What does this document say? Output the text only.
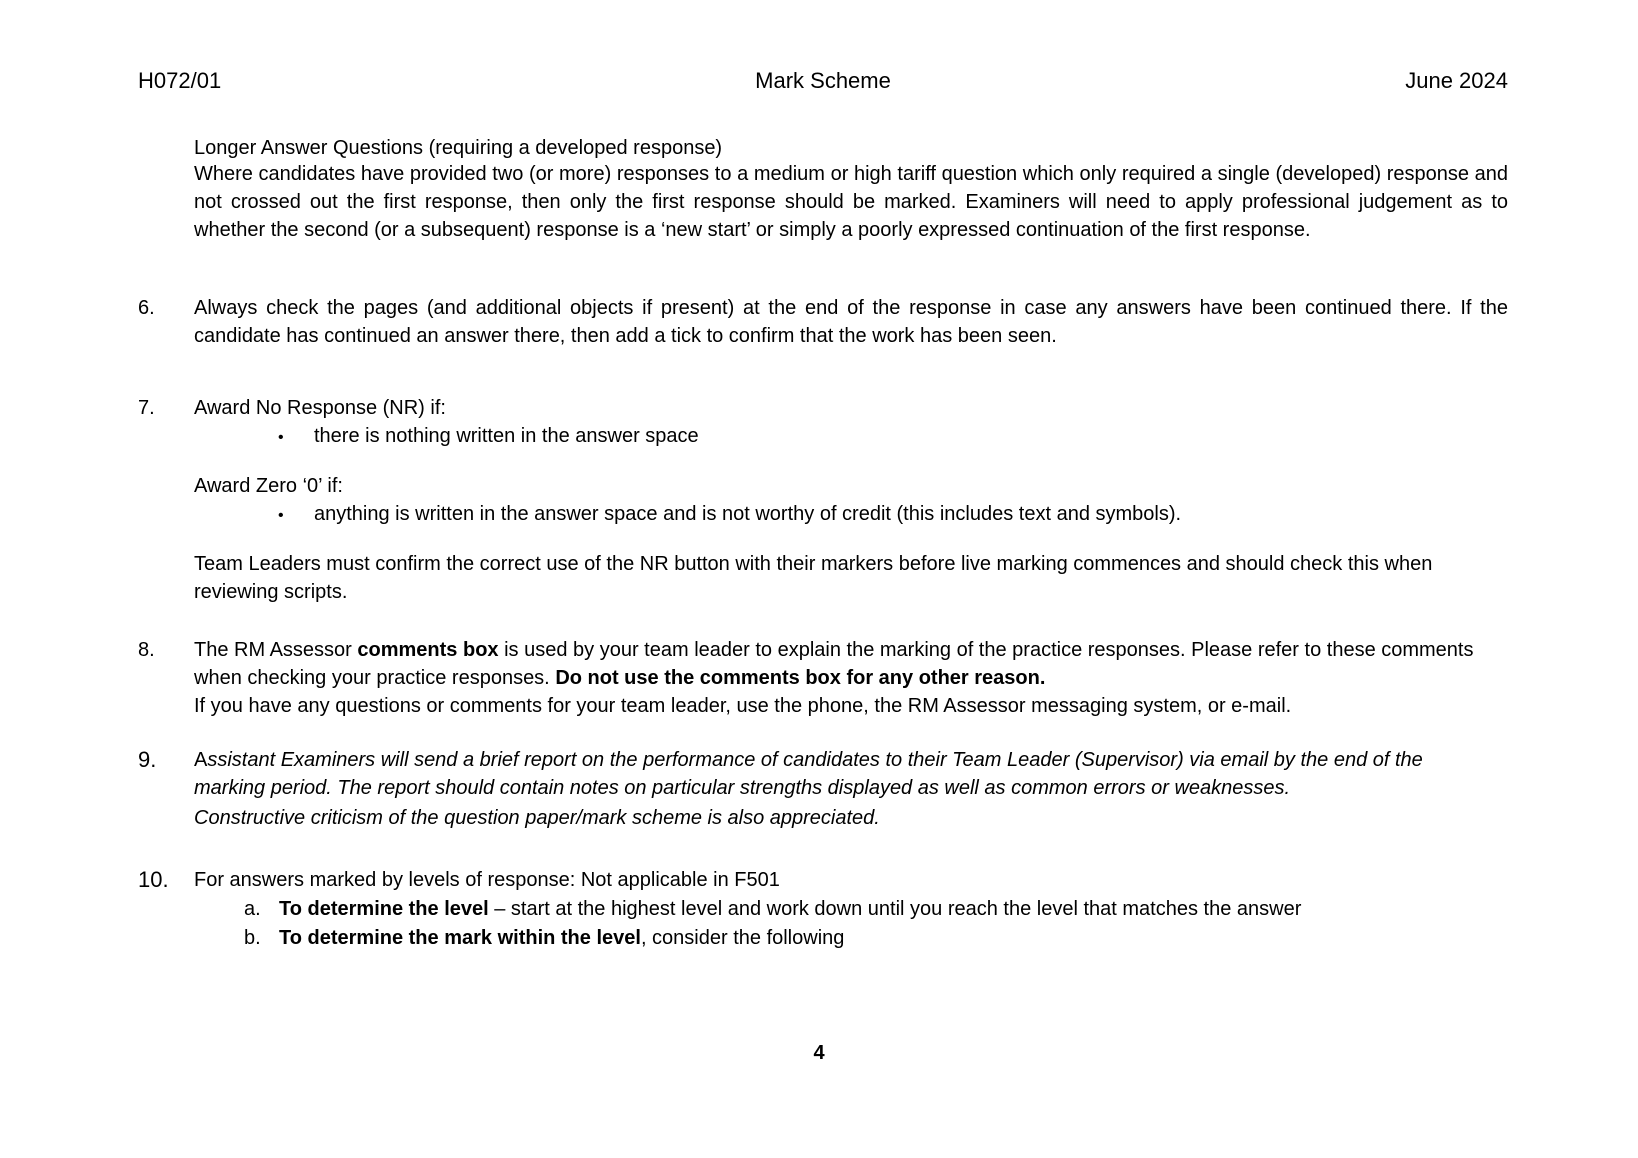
H072/01	Mark Scheme	June 2024
Longer Answer Questions (requiring a developed response)
Where candidates have provided two (or more) responses to a medium or high tariff question which only required a single (developed) response and not crossed out the first response, then only the first response should be marked. Examiners will need to apply professional judgement as to whether the second (or a subsequent) response is a ‘new start’ or simply a poorly expressed continuation of the first response.
6. Always check the pages (and additional objects if present) at the end of the response in case any answers have been continued there. If the candidate has continued an answer there, then add a tick to confirm that the work has been seen.
7. Award No Response (NR) if:
• there is nothing written in the answer space
Award Zero ‘0’ if:
• anything is written in the answer space and is not worthy of credit (this includes text and symbols).
Team Leaders must confirm the correct use of the NR button with their markers before live marking commences and should check this when reviewing scripts.
8. The RM Assessor comments box is used by your team leader to explain the marking of the practice responses. Please refer to these comments when checking your practice responses. Do not use the comments box for any other reason.
If you have any questions or comments for your team leader, use the phone, the RM Assessor messaging system, or e-mail.
9. Assistant Examiners will send a brief report on the performance of candidates to their Team Leader (Supervisor) via email by the end of the marking period. The report should contain notes on particular strengths displayed as well as common errors or weaknesses.
Constructive criticism of the question paper/mark scheme is also appreciated.
10. For answers marked by levels of response: Not applicable in F501
a. To determine the level – start at the highest level and work down until you reach the level that matches the answer
b. To determine the mark within the level, consider the following
4
